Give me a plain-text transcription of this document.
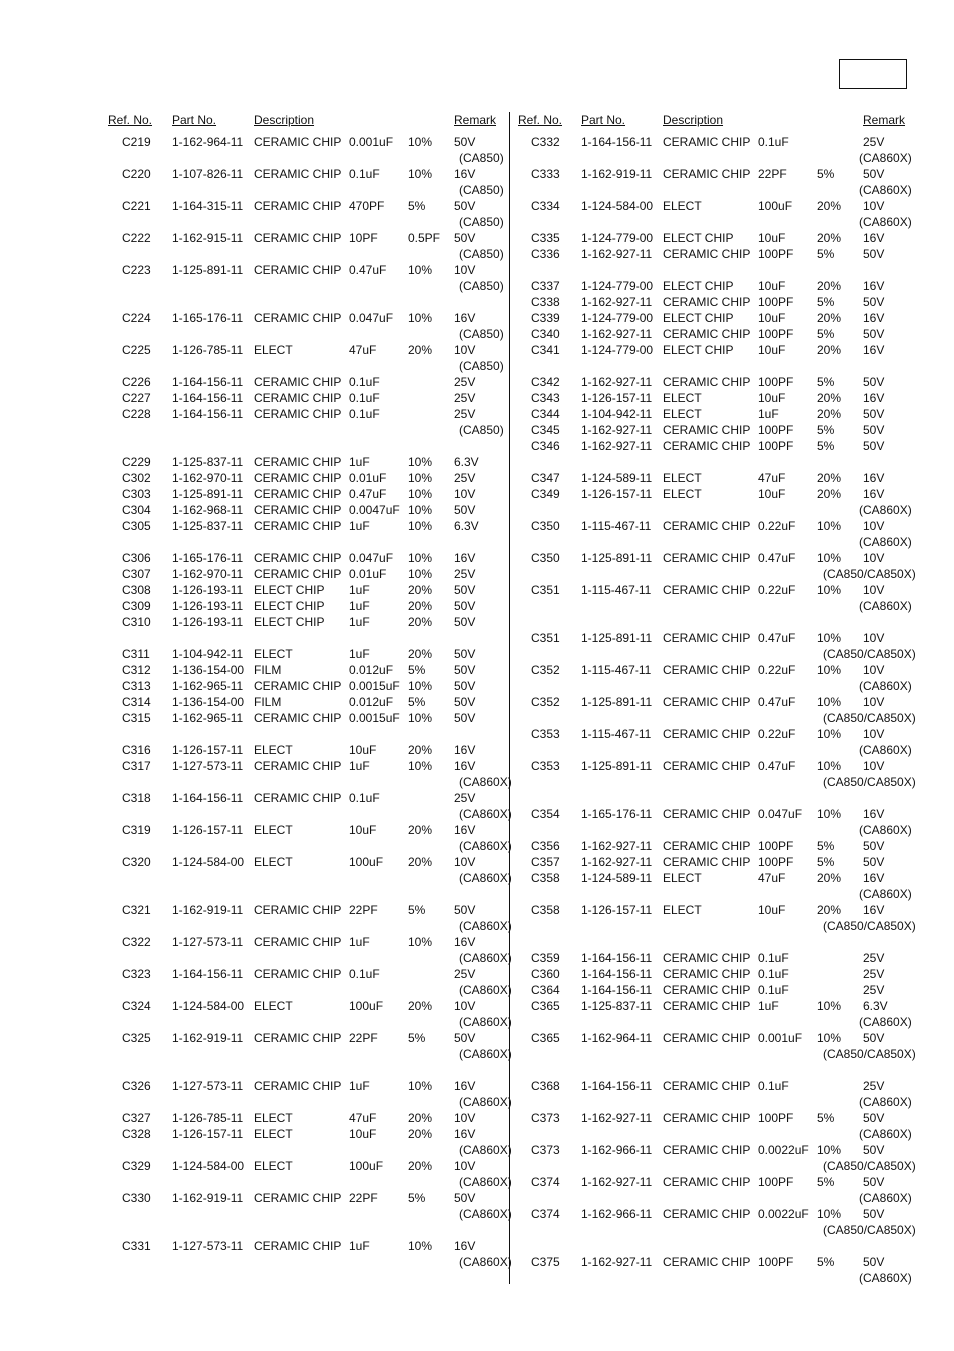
Ref. No. Part No.	Description	Remark
C219 1-162-964-11 CERAMIC CHIP 0.001uF 10% 50V
(CA850)
C220 1-107-826-11 CERAMIC CHIP 0.1uF 10% 16V
(CA850)
C221 1-164-315-11 CERAMIC CHIP 470PF 5% 50V
(CA850)
C222 1-162-915-11 CERAMIC CHIP 10PF	0.5PF 50V
(CA850)
C223 1-125-891-11 CERAMIC CHIP 0.47uF 10% 10V
(CA850)
C224 1-165-176-11 CERAMIC CHIP 0.047uF 10% 16V
(CA850)
C225 1-126-785-11 ELECT	47uF	20% 10V
(CA850)
C226 1-164-156-11 CERAMIC CHIP 0.1uF	25V
C227 1-164-156-11 CERAMIC CHIP 0.1uF	25V
C228 1-164-156-11 CERAMIC CHIP 0.1uF	25V
(CA850)
C229 1-125-837-11 CERAMIC CHIP 1uF	10% 6.3V
C302 1-162-970-11 CERAMIC CHIP 0.01uF 10% 25V
C303 1-125-891-11 CERAMIC CHIP 0.47uF 10% 10V
C304 1-162-968-11 CERAMIC CHIP 0.0047uF 10% 50V
C305 1-125-837-11 CERAMIC CHIP 1uF	10% 6.3V
C306 1-165-176-11 CERAMIC CHIP 0.047uF 10% 16V
C307 1-162-970-11 CERAMIC CHIP 0.01uF 10% 25V
C308 1-126-193-11 ELECT CHIP 1uF	20% 50V
C309 1-126-193-11 ELECT CHIP 1uF	20% 50V
C310 1-126-193-11 ELECT CHIP 1uF	20% 50V
C311 1-104-942-11 ELECT	1uF	20% 50V
C312 1-136-154-00 FILM	0.012uF 5% 50V
C313 1-162-965-11 CERAMIC CHIP 0.0015uF 10% 50V
C314 1-136-154-00 FILM	0.012uF 5% 50V
C315 1-162-965-11 CERAMIC CHIP 0.0015uF 10% 50V
C316 1-126-157-11 ELECT	10uF	20% 16V
C317 1-127-573-11 CERAMIC CHIP 1uF	10% 16V
(CA860X)
C318 1-164-156-11 CERAMIC CHIP 0.1uF	25V
(CA860X)
C319 1-126-157-11 ELECT	10uF	20% 16V
(CA860X)
C320 1-124-584-00 ELECT	100uF 20% 10V
(CA860X)
C321 1-162-919-11 CERAMIC CHIP 22PF	5% 50V
(CA860X)
C322 1-127-573-11 CERAMIC CHIP 1uF	10% 16V
(CA860X)
C323 1-164-156-11 CERAMIC CHIP 0.1uF	25V
(CA860X)
C324 1-124-584-00 ELECT	100uF 20% 10V
(CA860X)
C325 1-162-919-11 CERAMIC CHIP 22PF	5% 50V
(CA860X)
C326 1-127-573-11 CERAMIC CHIP 1uF	10% 16V
(CA860X)
C327 1-126-785-11 ELECT	47uF	20% 10V
C328 1-126-157-11 ELECT	10uF	20% 16V
(CA860X)
C329 1-124-584-00 ELECT	100uF 20% 10V
(CA860X)
C330 1-162-919-11 CERAMIC CHIP 22PF	5% 50V
(CA860X)
C331 1-127-573-11 CERAMIC CHIP 1uF	10% 16V
(CA860X)
Ref. No. Part No.	Description	Remark
C332 1-164-156-11 CERAMIC CHIP 0.1uF	25V
(CA860X)
C333 1-162-919-11 CERAMIC CHIP 22PF	5% 50V
(CA860X)
C334 1-124-584-00 ELECT	100uF 20% 10V
(CA860X)
C335 1-124-779-00 ELECT CHIP 10uF	20% 16V
C336 1-162-927-11 CERAMIC CHIP 100PF 5% 50V
C337 1-124-779-00 ELECT CHIP 10uF	20% 16V
C338 1-162-927-11 CERAMIC CHIP 100PF 5% 50V
C339 1-124-779-00 ELECT CHIP 10uF	20% 16V
C340 1-162-927-11 CERAMIC CHIP 100PF 5% 50V
C341 1-124-779-00 ELECT CHIP 10uF	20% 16V
C342 1-162-927-11 CERAMIC CHIP 100PF 5% 50V
C343 1-126-157-11 ELECT	10uF	20% 16V
C344 1-104-942-11 ELECT	1uF	20% 50V
C345 1-162-927-11 CERAMIC CHIP 100PF 5% 50V
C346 1-162-927-11 CERAMIC CHIP 100PF 5% 50V
C347 1-124-589-11 ELECT	47uF	20% 16V
C349 1-126-157-11 ELECT	10uF	20% 16V
(CA860X)
C350 1-115-467-11 CERAMIC CHIP 0.22uF 10% 10V
(CA860X)
C350 1-125-891-11 CERAMIC CHIP 0.47uF 10% 10V
(CA850/CA850X)
C351 1-115-467-11 CERAMIC CHIP 0.22uF 10% 10V
(CA860X)
C351 1-125-891-11 CERAMIC CHIP 0.47uF 10% 10V
(CA850/CA850X)
C352 1-115-467-11 CERAMIC CHIP 0.22uF 10% 10V
(CA860X)
C352 1-125-891-11 CERAMIC CHIP 0.47uF 10% 10V
(CA850/CA850X)
C353 1-115-467-11 CERAMIC CHIP 0.22uF 10% 10V
(CA860X)
C353 1-125-891-11 CERAMIC CHIP 0.47uF 10% 10V
(CA850/CA850X)
C354 1-165-176-11 CERAMIC CHIP 0.047uF 10% 16V
(CA860X)
C356 1-162-927-11 CERAMIC CHIP 100PF 5% 50V
C357 1-162-927-11 CERAMIC CHIP 100PF 5% 50V
C358 1-124-589-11 ELECT	47uF	20% 16V
(CA860X)
C358 1-126-157-11 ELECT	10uF	20% 16V
(CA850/CA850X)
C359 1-164-156-11 CERAMIC CHIP 0.1uF	25V
C360 1-164-156-11 CERAMIC CHIP 0.1uF	25V
C364 1-164-156-11 CERAMIC CHIP 0.1uF	25V
C365 1-125-837-11 CERAMIC CHIP 1uF	10% 6.3V
(CA860X)
C365 1-162-964-11 CERAMIC CHIP 0.001uF 10% 50V
(CA850/CA850X)
C368 1-164-156-11 CERAMIC CHIP 0.1uF	25V
(CA860X)
C373 1-162-927-11 CERAMIC CHIP 100PF 5% 50V
(CA860X)
C373 1-162-966-11 CERAMIC CHIP 0.0022uF 10% 50V
(CA850/CA850X)
C374 1-162-927-11 CERAMIC CHIP 100PF 5% 50V
(CA860X)
C374 1-162-966-11 CERAMIC CHIP 0.0022uF 10% 50V
(CA850/CA850X)
C375 1-162-927-11 CERAMIC CHIP 100PF 5% 50V
(CA860X)
